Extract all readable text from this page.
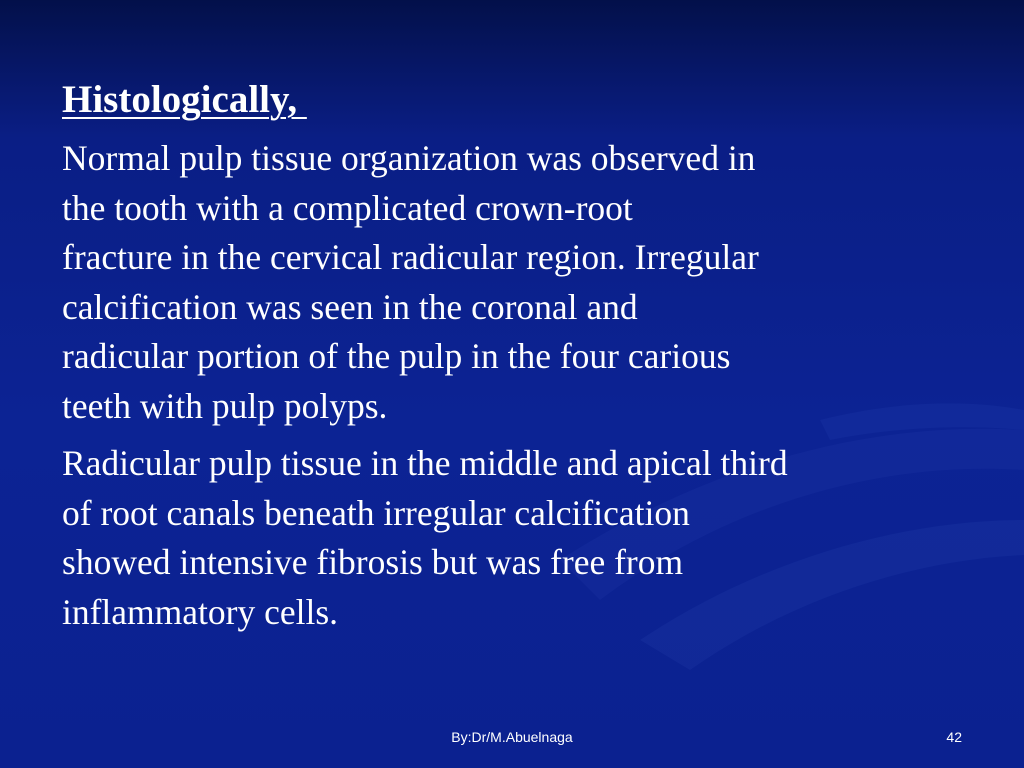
Histologically,
Normal pulp tissue organization was observed in
the tooth with a complicated crown-root
fracture in the cervical radicular region. Irregular
calcification was seen in the coronal and
radicular portion of the pulp in the four carious
teeth with pulp polyps.
Radicular pulp tissue in the middle and apical third
of root canals beneath irregular calcification
showed intensive fibrosis but was free from
inflammatory cells.
By:Dr/M.Abuelnaga	42
